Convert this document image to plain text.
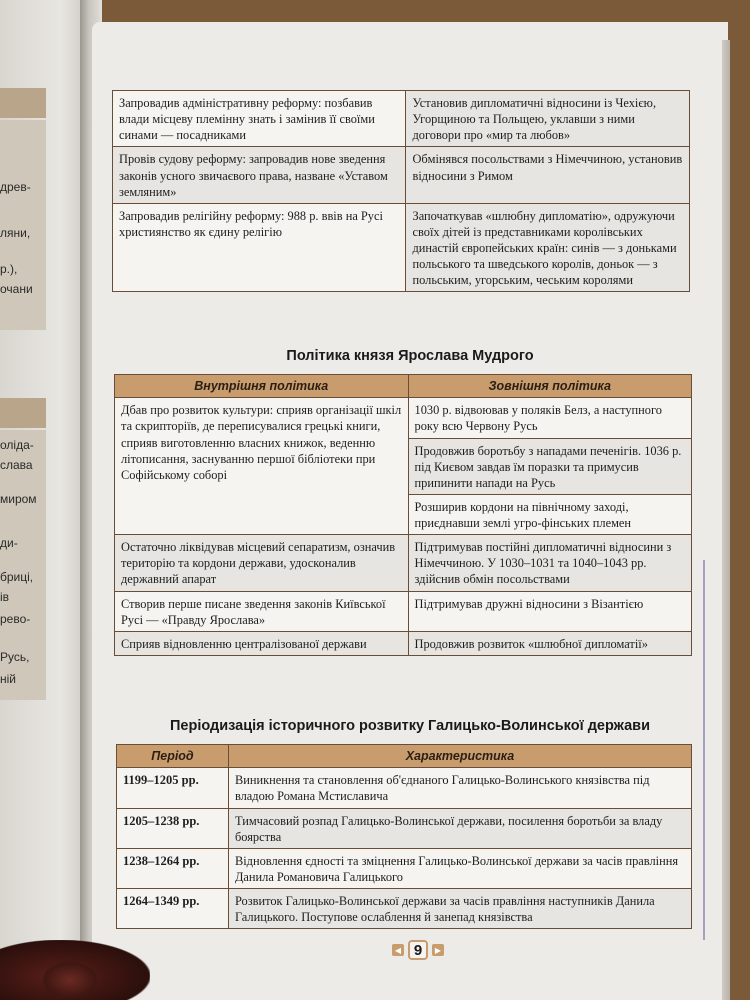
древ-
ляни,
р.),
очани
оліда-
слава
миром
ди-
бриці,
ів
рево-
Русь,
ній
Запровадив адміністративну реформу: позбавив влади місцеву племінну знать і замінив її своїми синами — посадниками	Установив дипломатичні відносини із Чехією, Угорщиною та Польщею, уклавши з ними договори про «мир та любов»
Провів судову реформу: запровадив нове зведення законів усного звичаєвого права, назване «Уставом земляним»	Обмінявся посольствами з Німеччиною, установив відносини з Римом
Запровадив релігійну реформу: 988 р. ввів на Русі християнство як єдину релігію	Започаткував «шлюбну дипломатію», одружуючи своїх дітей із представниками королівських династій європейських країн: синів — з доньками польського та шведського королів, доньок — з польським, угорським, чеським королями
Політика князя Ярослава Мудрого
Внутрішня політика	Зовнішня політика
Дбав про розвиток культури: сприяв організації шкіл та скрипторіїв, де переписувалися грецькі книги, сприяв виготовленню власних книжок, веденню літописання, заснуванню першої бібліотеки при Софійському соборі	1030 р. відвоював у поляків Белз, а наступного року всю Червону Русь
	Продовжив боротьбу з нападами печенігів. 1036 р. під Києвом завдав їм поразки та примусив припинити напади на Русь
	Розширив кордони на північному заході, приєднавши землі угро-фінських племен
Остаточно ліквідував місцевий сепаратизм, означив територію та кордони держави, удосконалив державний апарат	Підтримував постійні дипломатичні відносини з Німеччиною. У 1030–1031 та 1040–1043 рр. здійснив обмін посольствами
Створив перше писане зведення законів Київської Русі — «Правду Ярослава»	Підтримував дружні відносини з Візантією
Сприяв відновленню централізованої держави	Продовжив розвиток «шлюбної дипломатії»
Періодизація історичного розвитку Галицько-Волинської держави
Період	Характеристика
1199–1205 рр.	Виникнення та становлення об'єднаного Галицько-Волинського князівства під владою Романа Мстиславича
1205–1238 рр.	Тимчасовий розпад Галицько-Волинської держави, посилення боротьби за владу боярства
1238–1264 рр.	Відновлення єдності та зміцнення Галицько-Волинської держави за часів правління Данила Романовича Галицького
1264–1349 рр.	Розвиток Галицько-Волинської держави за часів правління наступників Данила Галицького. Поступове ослаблення й занепад князівства
◀ 9	▶
